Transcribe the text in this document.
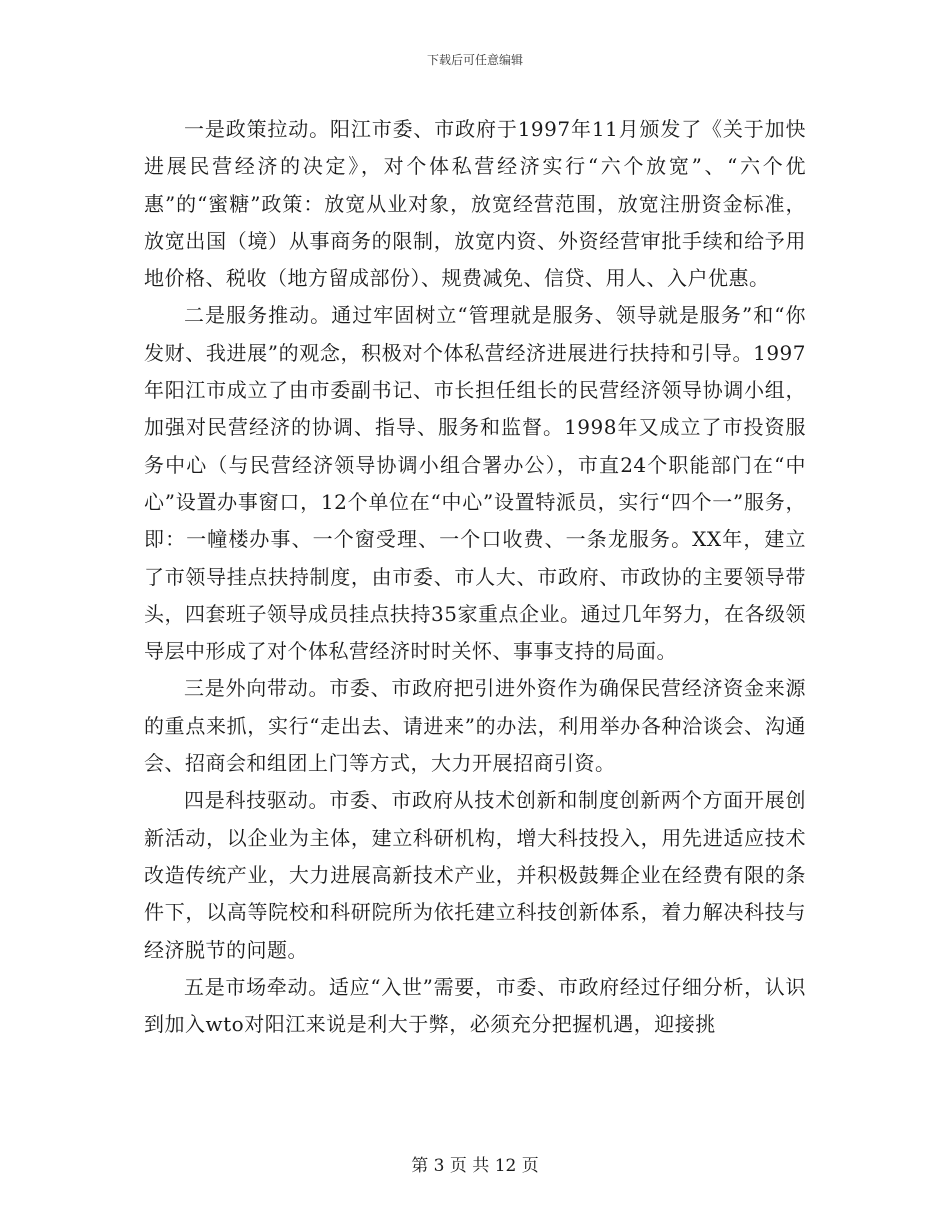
下载后可任意编辑

一是政策拉动。阳江市委、市政府于1997年11月颁发了《关于加快进展民营经济的决定》，对个体私营经济实行“六个放宽”、“六个优惠”的“蜜糖”政策：放宽从业对象，放宽经营范围，放宽注册资金标准，放宽出国（境）从事商务的限制，放宽内资、外资经营审批手续和给予用地价格、税收（地方留成部份）、规费减免、信贷、用人、入户优惠。

二是服务推动。通过牢固树立“管理就是服务、领导就是服务”和“你发财、我进展”的观念，积极对个体私营经济进展进行扶持和引导。1997年阳江市成立了由市委副书记、市长担任组长的民营经济领导协调小组，加强对民营经济的协调、指导、服务和监督。1998年又成立了市投资服务中心（与民营经济领导协调小组合署办公），市直24个职能部门在“中心”设置办事窗口，12个单位在“中心”设置特派员，实行“四个一”服务，即：一幢楼办事、一个窗受理、一个口收费、一条龙服务。XX年，建立了市领导挂点扶持制度，由市委、市人大、市政府、市政协的主要领导带头，四套班子领导成员挂点扶持35家重点企业。通过几年努力，在各级领导层中形成了对个体私营经济时时关怀、事事支持的局面。

三是外向带动。市委、市政府把引进外资作为确保民营经济资金来源的重点来抓，实行“走出去、请进来”的办法，利用举办各种洽谈会、沟通会、招商会和组团上门等方式，大力开展招商引资。

四是科技驱动。市委、市政府从技术创新和制度创新两个方面开展创新活动，以企业为主体，建立科研机构，增大科技投入，用先进适应技术改造传统产业，大力进展高新技术产业，并积极鼓舞企业在经费有限的条件下，以高等院校和科研院所为依托建立科技创新体系，着力解决科技与经济脱节的问题。

五是市场牵动。适应“入世”需要，市委、市政府经过仔细分析，认识到加入wto对阳江来说是利大于弊，必须充分把握机遇，迎接挑

第 3 页 共 12 页
